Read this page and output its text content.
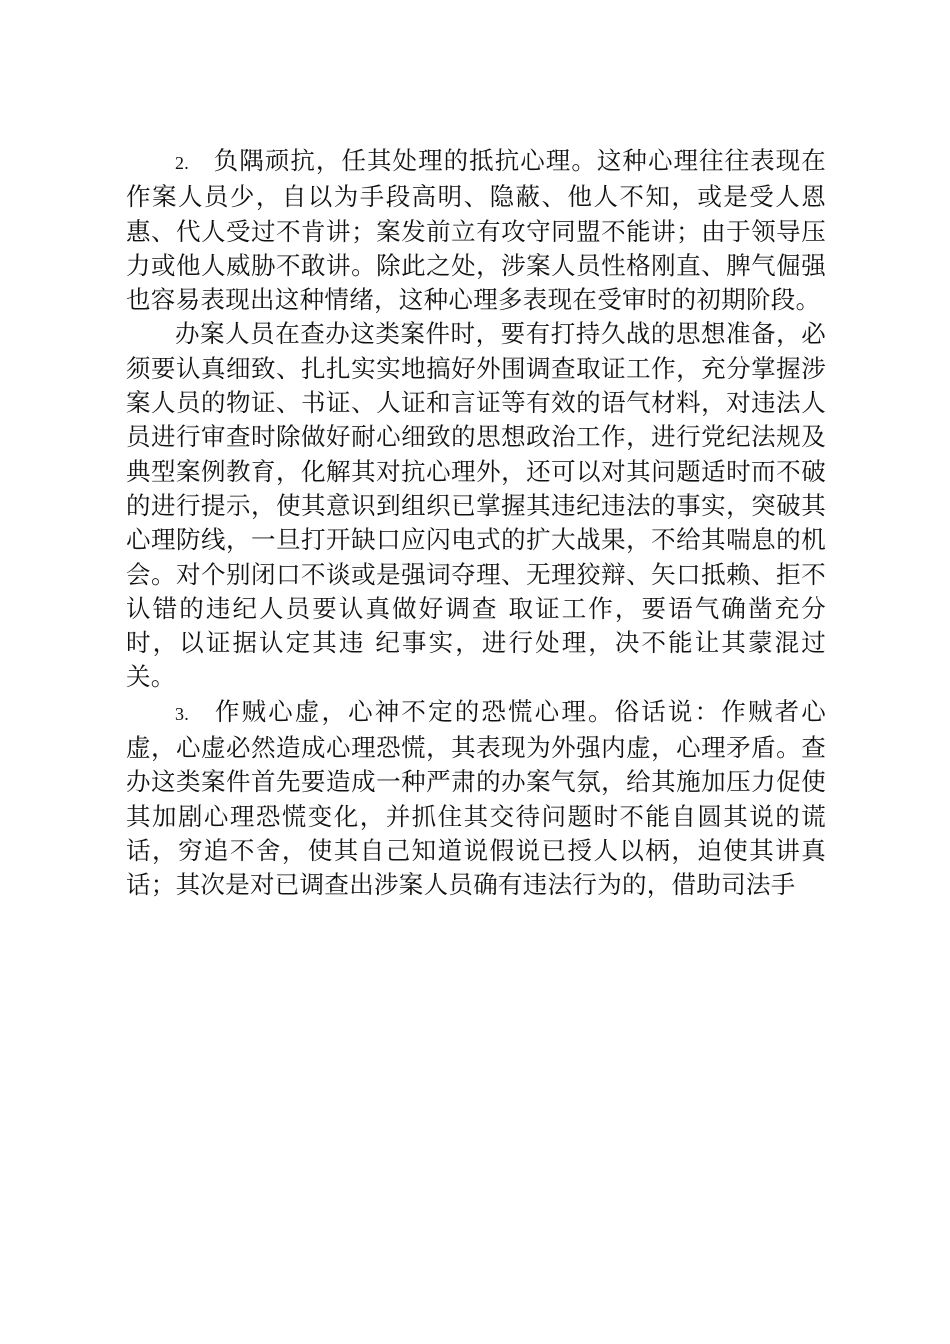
2. 负隅顽抗，任其处理的抵抗心理。这种心理往往表现在作案人员少，自以为手段高明、隐蔽、他人不知，或是受人恩惠、代人受过不肯讲；案发前立有攻守同盟不能讲；由于领导压力或他人威胁不敢讲。除此之处，涉案人员性格刚直、脾气倔强也容易表现出这种情绪，这种心理多表现在受审时的初期阶段。

办案人员在查办这类案件时，要有打持久战的思想准备，必须要认真细致、扎扎实实地搞好外围调查取证工作，充分掌握涉案人员的物证、书证、人证和言证等有效的语气材料，对违法人员进行审查时除做好耐心细致的思想政治工作，进行党纪法规及典型案例教育，化解其对抗心理外，还可以对其问题适时而不破的进行提示，使其意识到组织已掌握其违纪违法的事实，突破其心理防线，一旦打开缺口应闪电式的扩大战果，不给其喘息的机会。对个别闭口不谈或是强词夺理、无理狡辩、矢口抵赖、拒不认错的违纪人员要认真做好调查 取证工作，要语气确凿充分时，以证据认定其违 纪事实，进行处理，决不能让其蒙混过关。

3. 作贼心虚，心神不定的恐慌心理。俗话说：作贼者心虚，心虚必然造成心理恐慌，其表现为外强内虚，心理矛盾。查办这类案件首先要造成一种严肃的办案气氛，给其施加压力促使其加剧心理恐慌变化，并抓住其交待问题时不能自圆其说的谎话，穷追不舍，使其自己知道说假说已授人以柄，迫使其讲真话；其次是对已调查出涉案人员确有违法行为的，借助司法手
